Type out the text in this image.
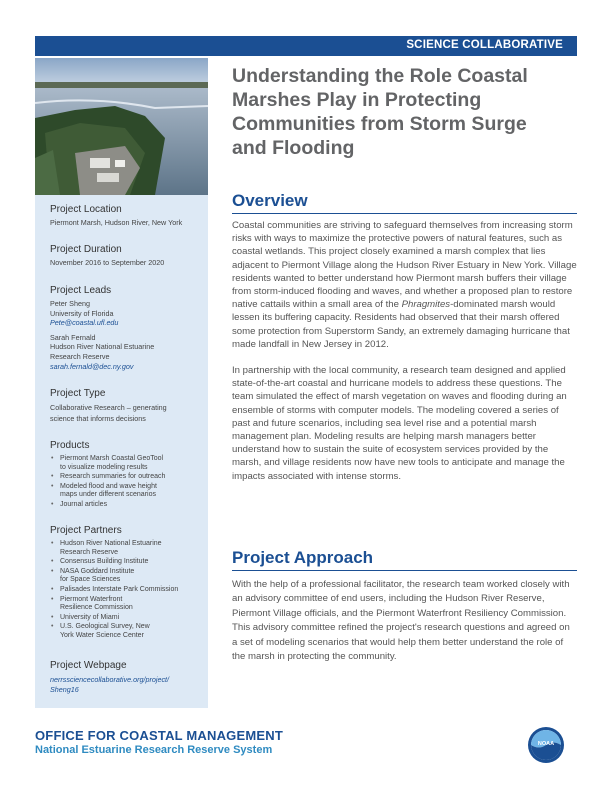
SCIENCE COLLABORATIVE
Understanding the Role Coastal Marshes Play in Protecting Communities from Storm Surge and Flooding
Overview

Coastal communities are striving to safeguard themselves from increasing storm risks with ways to maximize the protective powers of natural features, such as coastal wetlands. This project closely examined a marsh complex that lies adjacent to Piermont Village along the Hudson River Estuary in New York. Village residents wanted to better understand how Piermont marsh buffers their village from storm-induced flooding and waves, and whether a proposed plan to restore native cattails within a small area of the Phragmites-dominated marsh would lessen its buffering capacity. Residents had observed that their marsh offered some protection from Superstorm Sandy, an extremely damaging hurricane that made landfall in New Jersey in 2012.

In partnership with the local community, a research team designed and applied state-of-the-art coastal and hurricane models to address these questions. The team simulated the effect of marsh vegetation on waves and flooding during an ensemble of storms with computer models. The modeling covered a series of past and future scenarios, including sea level rise and a potential marsh management plan. Modeling results are helping marsh managers better understand how to sustain the suite of ecosystem services provided by the marsh, and village residents now have new tools to anticipate and manage the impacts associated with intense storms.

Project Approach

With the help of a professional facilitator, the research team worked closely with an advisory committee of end users, including the Hudson River Reserve, Piermont Village officials, and the Piermont Waterfront Resiliency Commission. This advisory committee refined the project's research questions and agreed on a set of modeling scenarios that would help them better understand the role of the marsh in protecting the community.

Project Location

Piermont Marsh, Hudson River, New York

Project Duration

November 2016 to September 2020

Project Leads

Peter Sheng

University of Florida

Pete@coastal.ufl.edu

Sarah Fernald

Hudson River National Estuarine

Research Reserve

sarah.fernald@dec.ny.gov

Project Type

Collaborative Research – generating

science that informs decisions

Products

• Piermont Marsh Coastal GeoTool
to visualize modeling results
• Research summaries for outreach
• Modeled flood and wave height
maps under different scenarios
• Journal articles

Project Partners

• Hudson River National Estuarine
Research Reserve
• Consensus Building Institute
• NASA Goddard Institute
for Space Sciences
• Palisades Interstate Park Commission
• Piermont Waterfront
Resilience Commission
• University of Miami
• U.S. Geological Survey, New
York Water Science Center

Project Webpage

nerrssciencecollaborative.org/project/

Sheng16

OFFICE FOR COASTAL MANAGEMENT
National Estuarine Research Reserve System	NOAA
